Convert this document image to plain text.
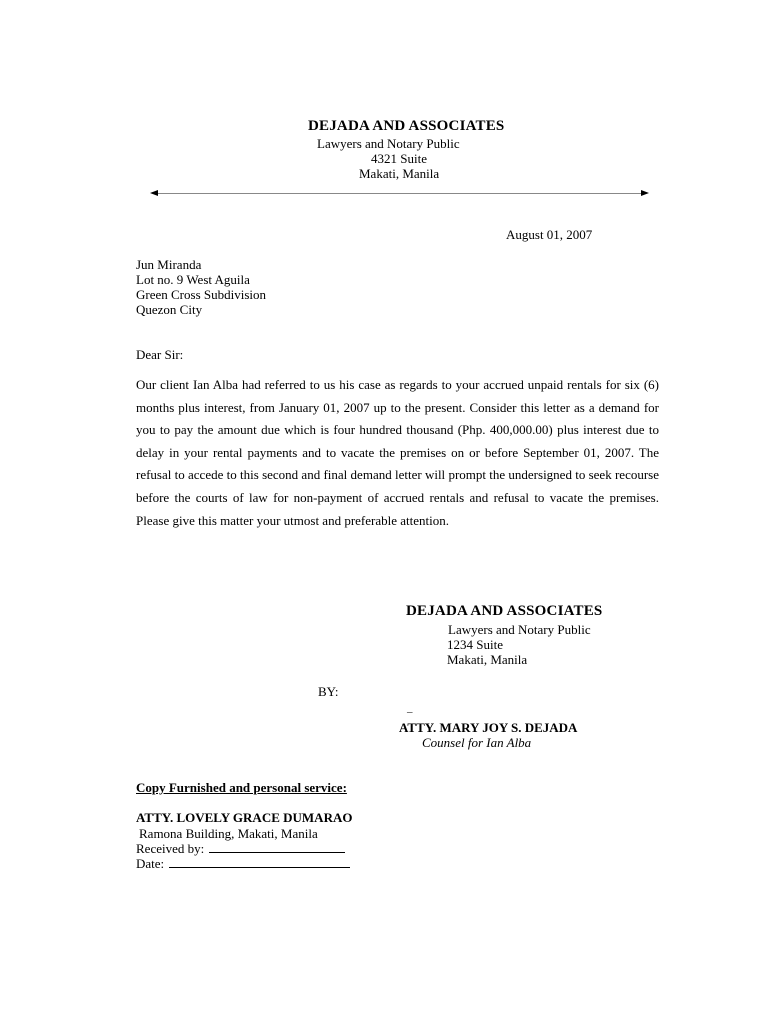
DEJADA AND ASSOCIATES
Lawyers and Notary Public
4321 Suite
Makati, Manila
August 01, 2007
Jun Miranda
Lot no. 9 West Aguila
Green Cross Subdivision
Quezon City
Dear Sir:
Our client Ian Alba had referred to us his case as regards to your accrued unpaid rentals for six (6) months plus interest, from January 01, 2007 up to the present. Consider this letter as a demand for you to pay the amount due which is four hundred thousand (Php. 400,000.00) plus interest due to delay in your rental payments and to vacate the premises on or before September 01, 2007. The refusal to accede to this second and final demand letter will prompt the undersigned to seek recourse before the courts of law for non-payment of accrued rentals and refusal to vacate the premises. Please give this matter your utmost and preferable attention.
DEJADA AND ASSOCIATES
Lawyers and Notary Public
1234 Suite
Makati, Manila
BY:
_
ATTY. MARY JOY S. DEJADA
Counsel for Ian Alba
Copy Furnished and personal service:
ATTY. LOVELY GRACE DUMARAO
Ramona Building, Makati, Manila
Received by:
Date:
